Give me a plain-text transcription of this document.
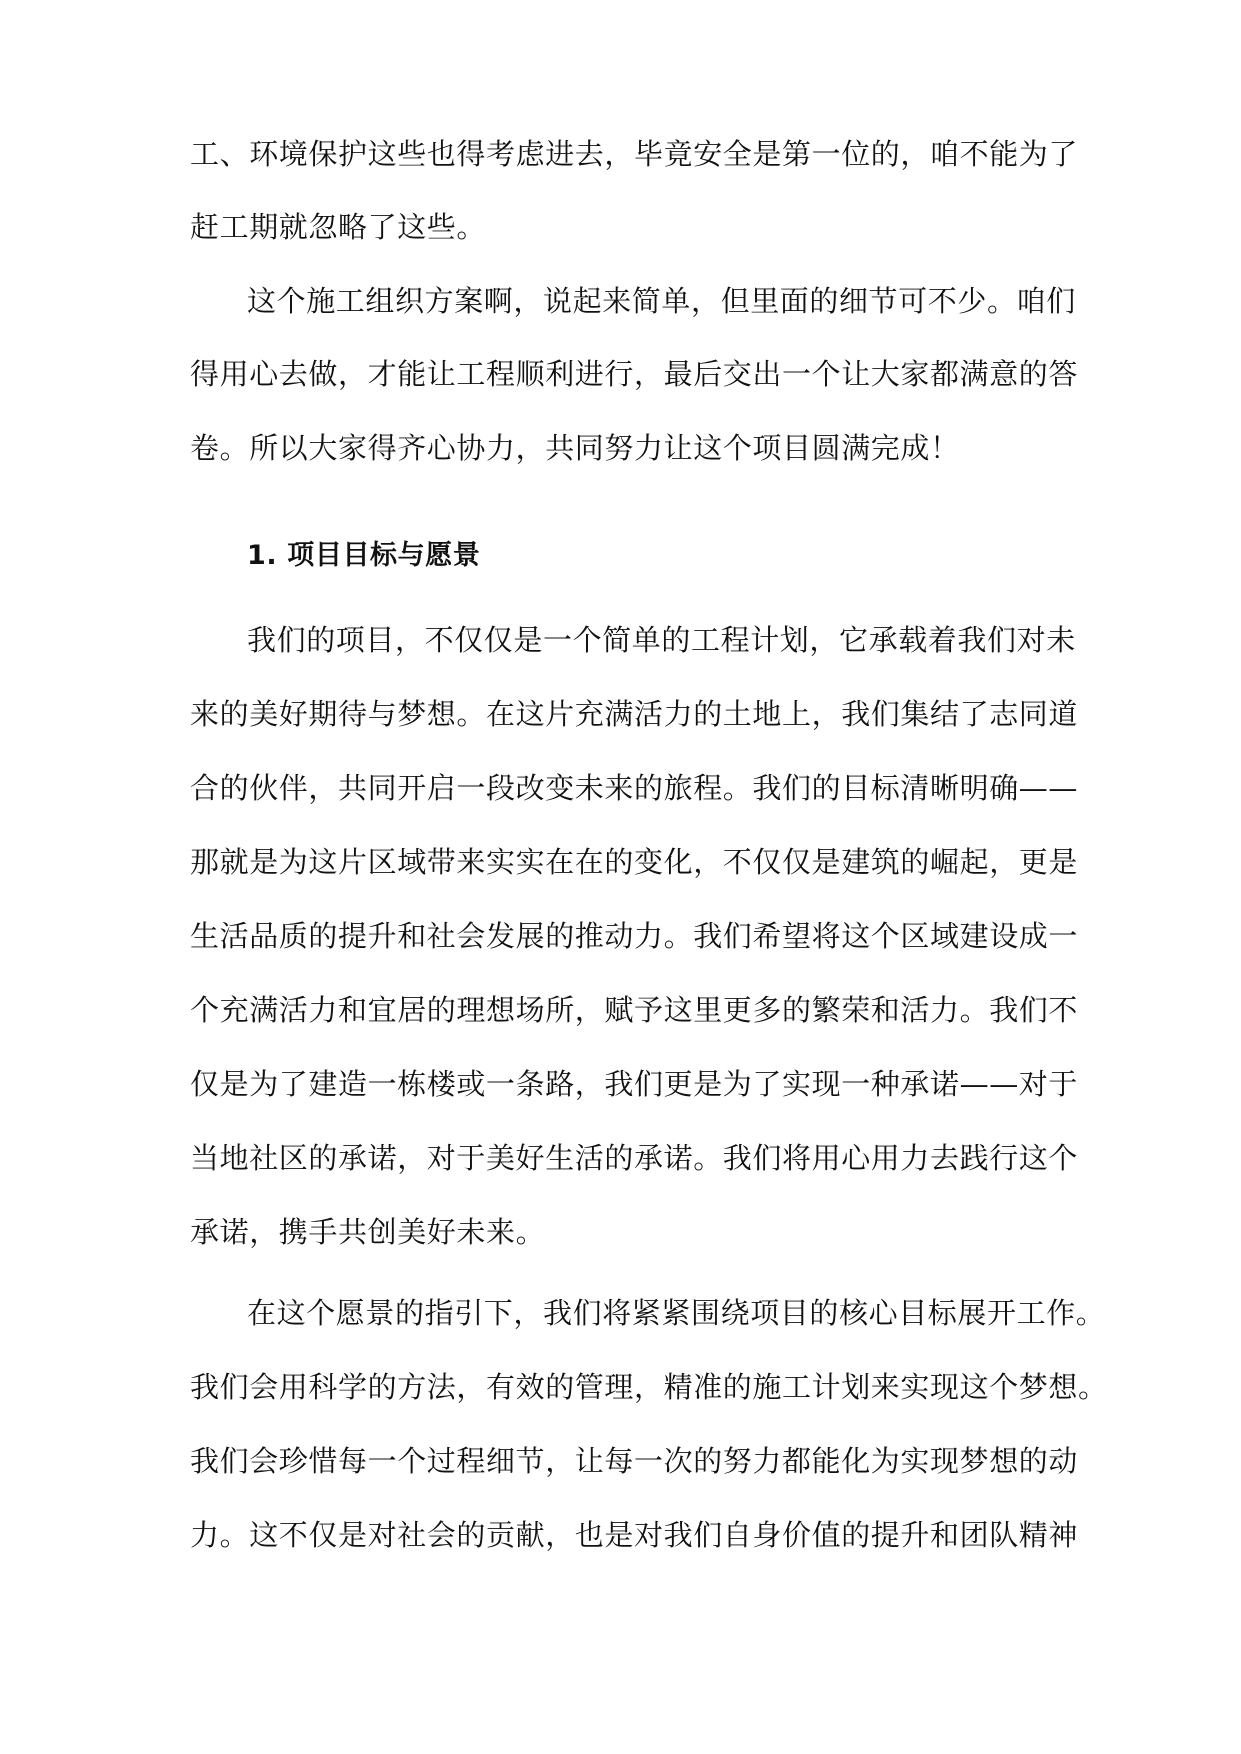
工、环境保护这些也得考虑进去，毕竟安全是第一位的，咱不能为了
赶工期就忽略了这些。
这个施工组织方案啊，说起来简单，但里面的细节可不少。咱们
得用心去做，才能让工程顺利进行，最后交出一个让大家都满意的答
卷。所以大家得齐心协力，共同努力让这个项目圆满完成！
1. 项目目标与愿景
我们的项目，不仅仅是一个简单的工程计划，它承载着我们对未
来的美好期待与梦想。在这片充满活力的土地上，我们集结了志同道
合的伙伴，共同开启一段改变未来的旅程。我们的目标清晰明确——
那就是为这片区域带来实实在在的变化，不仅仅是建筑的崛起，更是
生活品质的提升和社会发展的推动力。我们希望将这个区域建设成一
个充满活力和宜居的理想场所，赋予这里更多的繁荣和活力。我们不
仅是为了建造一栋楼或一条路，我们更是为了实现一种承诺——对于
当地社区的承诺，对于美好生活的承诺。我们将用心用力去践行这个
承诺，携手共创美好未来。
在这个愿景的指引下，我们将紧紧围绕项目的核心目标展开工作。
我们会用科学的方法，有效的管理，精准的施工计划来实现这个梦想。
我们会珍惜每一个过程细节，让每一次的努力都能化为实现梦想的动
力。这不仅是对社会的贡献，也是对我们自身价值的提升和团队精神
